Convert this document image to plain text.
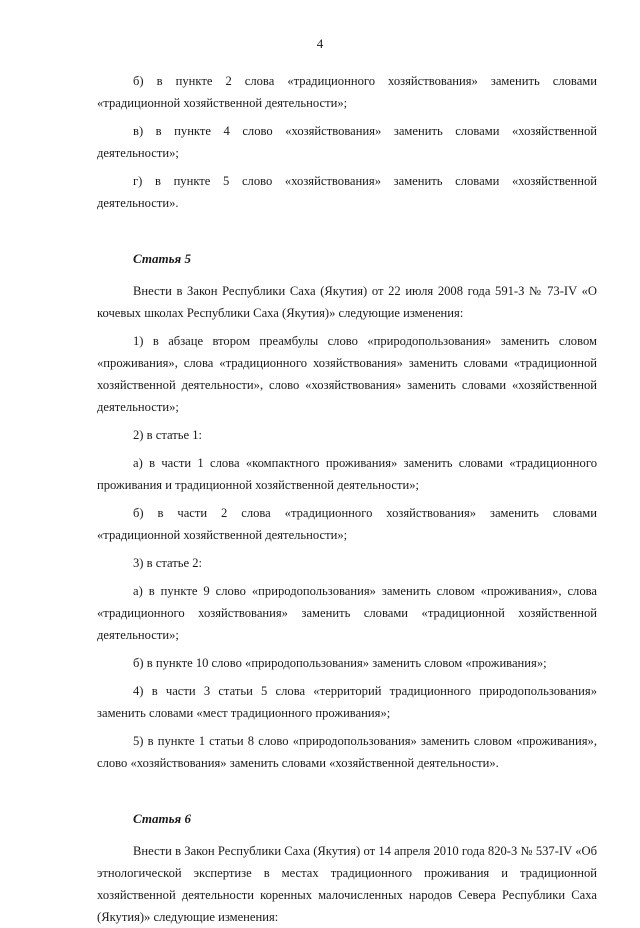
4

б) в пункте 2 слова «традиционного хозяйствования» заменить словами «традиционной хозяйственной деятельности»;

в) в пункте 4 слово «хозяйствования» заменить словами «хозяйственной деятельности»;

г) в пункте 5 слово «хозяйствования» заменить словами «хозяйственной деятельности».

Статья 5

Внести в Закон Республики Саха (Якутия) от 22 июля 2008 года 591-З № 73-IV «О кочевых школах Республики Саха (Якутия)» следующие изменения:

1) в абзаце втором преамбулы слово «природопользования» заменить словом «проживания», слова «традиционного хозяйствования» заменить словами «традиционной хозяйственной деятельности», слово «хозяйствования» заменить словами «хозяйственной деятельности»;

2) в статье 1:

а) в части 1 слова «компактного проживания» заменить словами «традиционного проживания и традиционной хозяйственной деятельности»;

б) в части 2 слова «традиционного хозяйствования» заменить словами «традиционной хозяйственной деятельности»;

3) в статье 2:

а) в пункте 9 слово «природопользования» заменить словом «проживания», слова «традиционного хозяйствования» заменить словами «традиционной хозяйственной деятельности»;

б) в пункте 10 слово «природопользования» заменить словом «проживания»;

4) в части 3 статьи 5 слова «территорий традиционного природопользования» заменить словами «мест традиционного проживания»;

5) в пункте 1 статьи 8 слово «природопользования» заменить словом «проживания», слово «хозяйствования» заменить словами «хозяйственной деятельности».

Статья 6

Внести в Закон Республики Саха (Якутия) от 14 апреля 2010 года 820-З № 537-IV «Об этнологической экспертизе в местах традиционного проживания и традиционной хозяйственной деятельности коренных малочисленных народов Севера Республики Саха (Якутия)» следующие изменения:
